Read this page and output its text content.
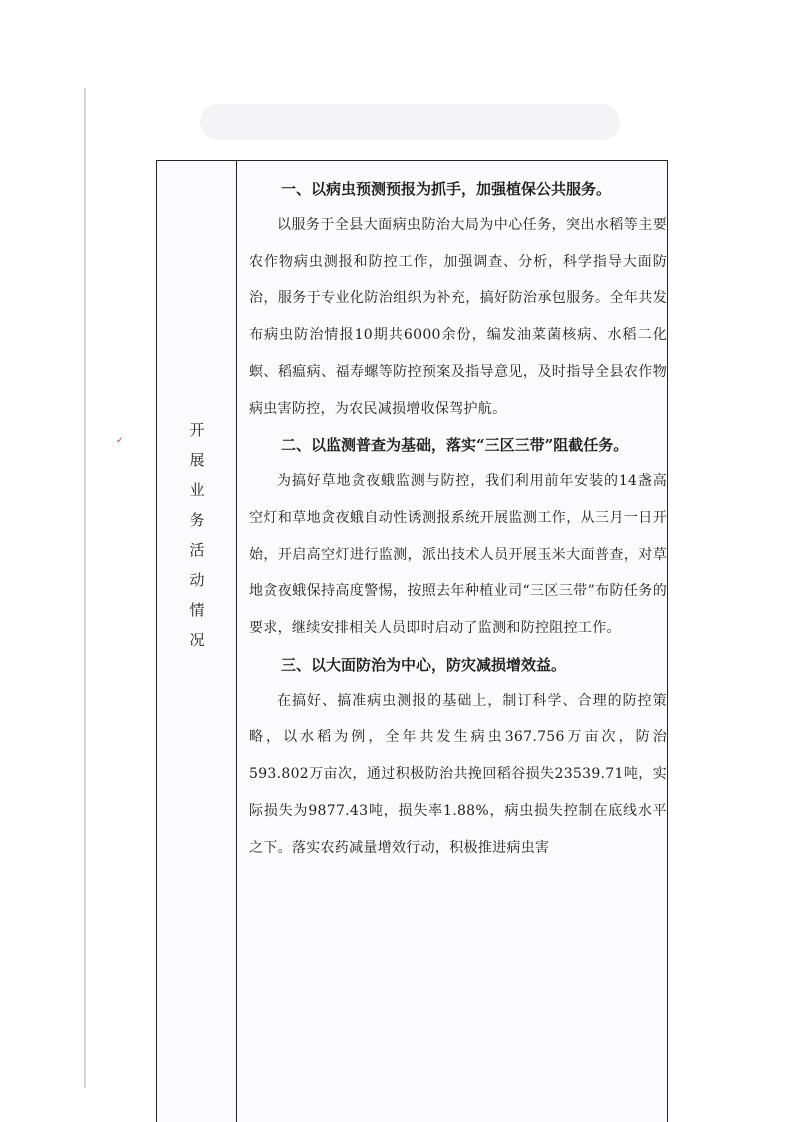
✓
开
展
业
务
活
动
情
况

一、以病虫预测预报为抓手，加强植保公共服务。

以服务于全县大面病虫防治大局为中心任务，突出水稻等主要农作物病虫测报和防控工作，加强调查、分析，科学指导大面防治，服务于专业化防治组织为补充，搞好防治承包服务。全年共发布病虫防治情报10期共6000余份，编发油菜菌核病、水稻二化螟、稻瘟病、福寿螺等防控预案及指导意见，及时指导全县农作物病虫害防控，为农民减损增收保驾护航。

二、以监测普查为基础，落实“三区三带”阻截任务。

为搞好草地贪夜蛾监测与防控，我们利用前年安装的14盏高空灯和草地贪夜蛾自动性诱测报系统开展监测工作，从三月一日开始，开启高空灯进行监测，派出技术人员开展玉米大面普查，对草地贪夜蛾保持高度警惕，按照去年种植业司“三区三带”布防任务的要求，继续安排相关人员即时启动了监测和防控阻控工作。

三、以大面防治为中心，防灾减损增效益。

在搞好、搞准病虫测报的基础上，制订科学、合理的防控策略，以水稻为例，全年共发生病虫367.756万亩次，防治593.802万亩次，通过积极防治共挽回稻谷损失23539.71吨，实际损失为9877.43吨，损失率1.88%，病虫损失控制在底线水平之下。落实农药减量增效行动，积极推进病虫害
